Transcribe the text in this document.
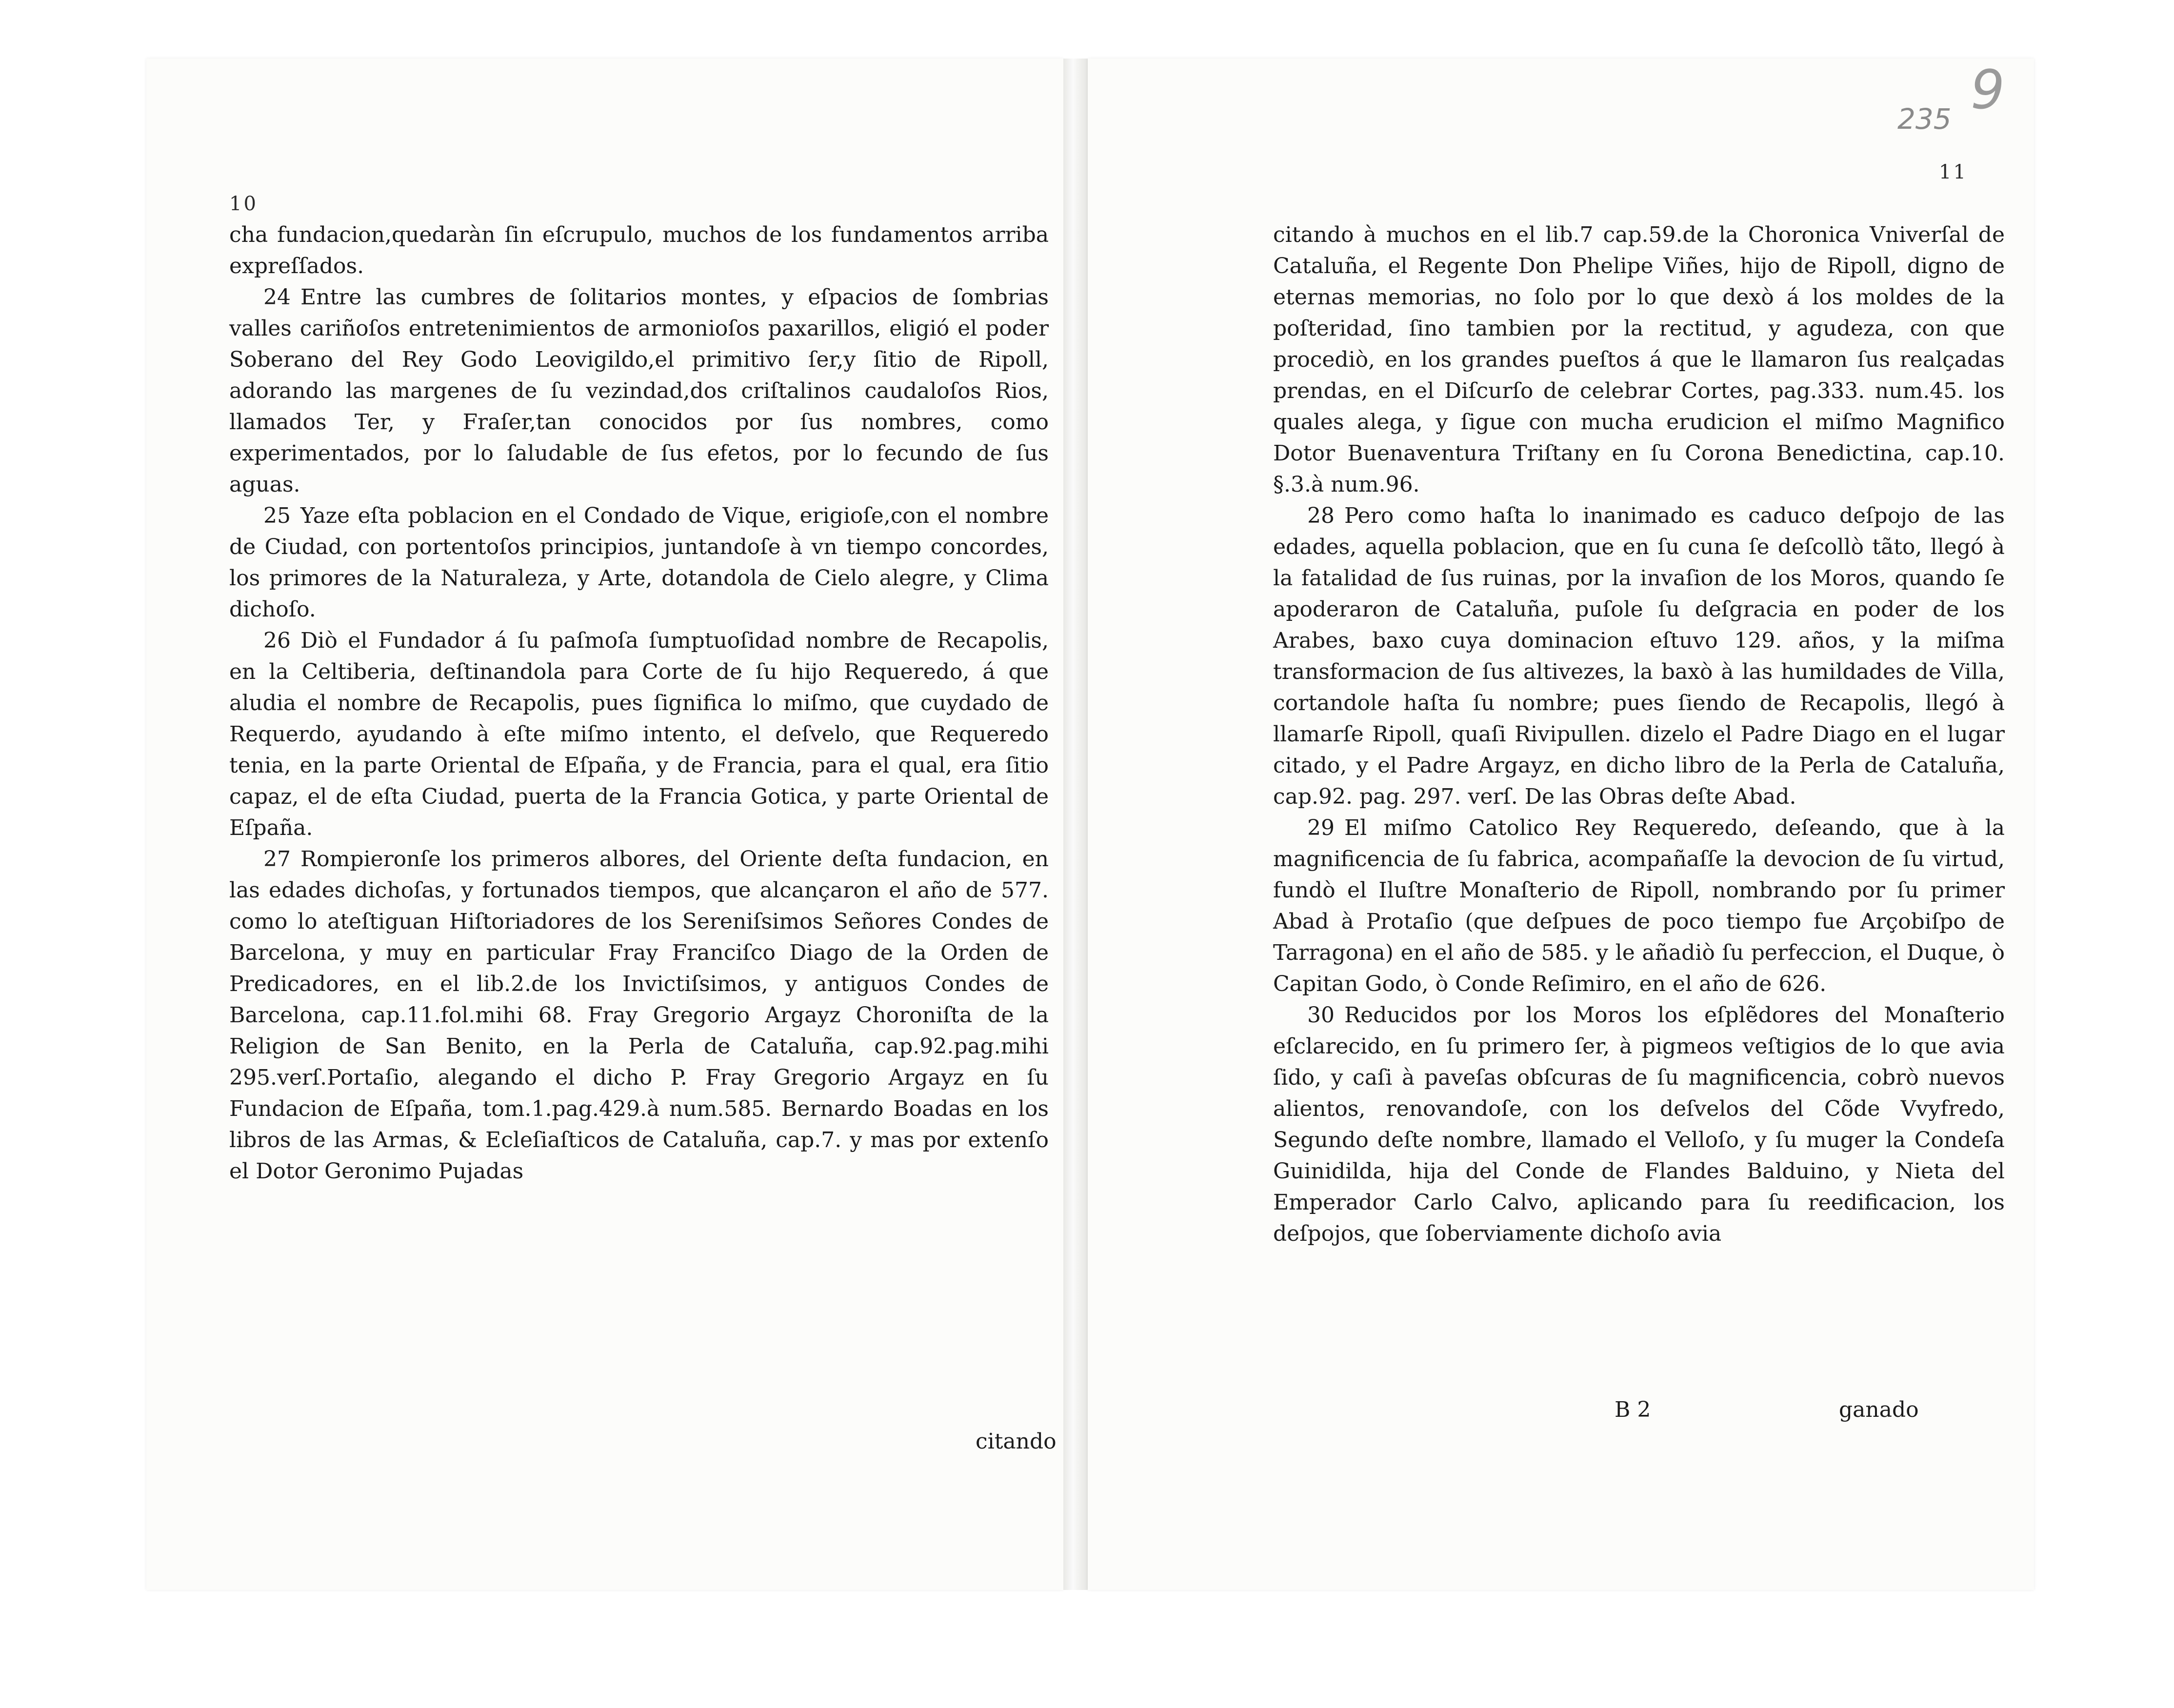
10

cha fundacion,quedaràn ſin eſcrupulo, muchos de los fundamentos arriba expreſſados.

24 Entre las cumbres de ſolitarios montes, y eſpacios de ſombrias valles cariñoſos entretenimientos de armonioſos paxarillos, eligió el poder Soberano del Rey Godo Leovigildo,el primitivo ſer,y ſitio de Ripoll, adorando las margenes de ſu vezindad,dos criſtalinos caudaloſos Rios, llamados Ter, y Fraſer,tan conocidos por ſus nombres, como experimentados, por lo ſaludable de ſus efetos, por lo fecundo de ſus aguas.

25 Yaze eſta poblacion en el Condado de Vique, erigioſe,con el nombre de Ciudad, con portentoſos principios, juntandoſe à vn tiempo concordes, los primores de la Naturaleza, y Arte, dotandola de Cielo alegre, y Clima dichoſo.

26 Diò el Fundador á ſu paſmoſa ſumptuoſidad nombre de Recapolis, en la Celtiberia, deſtinandola para Corte de ſu hijo Requeredo, á que aludia el nombre de Recapolis, pues ſignifica lo miſmo, que cuydado de Requerdo, ayudando à eſte miſmo intento, el deſvelo, que Requeredo tenia, en la parte Oriental de Eſpaña, y de Francia, para el qual, era ſitio capaz, el de eſta Ciudad, puerta de la Francia Gotica, y parte Oriental de Eſpaña.

27 Rompieronſe los primeros albores, del Oriente deſta fundacion, en las edades dichoſas, y fortunados tiempos, que alcançaron el año de 577. como lo ateſtiguan Hiſtoriadores de los Sereniſsimos Señores Condes de Barcelona, y muy en particular Fray Franciſco Diago de la Orden de Predicadores, en el lib.2.de los Invictiſsimos, y antiguos Condes de Barcelona, cap.11.fol.mihi 68. Fray Gregorio Argayz Choroniſta de la Religion de San Benito, en la Perla de Cataluña, cap.92.pag.mihi 295.verſ.Portaſio, alegando el dicho P. Fray Gregorio Argayz en ſu Fundacion de Eſpaña, tom.1.pag.429.à num.585. Bernardo Boadas en los libros de las Armas, & Ecleſiaſticos de Cataluña, cap.7. y mas por extenſo el Dotor Geronimo Pujadas

citando
9
235
11

citando à muchos en el lib.7 cap.59.de la Choronica Vniverſal de Cataluña, el Regente Don Phelipe Viñes, hijo de Ripoll, digno de eternas memorias, no ſolo por lo que dexò á los moldes de la poſteridad, ſino tambien por la rectitud, y agudeza, con que procediò, en los grandes pueſtos á que le llamaron ſus realçadas prendas, en el Diſcurſo de celebrar Cortes, pag.333. num.45. los quales alega, y ſigue con mucha erudicion el miſmo Magnifico Dotor Buenaventura Triſtany en ſu Corona Benedictina, cap.10. §.3.à num.96.

28 Pero como haſta lo inanimado es caduco deſpojo de las edades, aquella poblacion, que en ſu cuna ſe deſcollò tãto, llegó à la fatalidad de ſus ruinas, por la invaſion de los Moros, quando ſe apoderaron de Cataluña, puſole ſu deſgracia en poder de los Arabes, baxo cuya dominacion eſtuvo 129. años, y la miſma transformacion de ſus altivezes, la baxò à las humildades de Villa, cortandole haſta ſu nombre; pues ſiendo de Recapolis, llegó à llamarſe Ripoll, quaſi Rivipullen. dizelo el Padre Diago en el lugar citado, y el Padre Argayz, en dicho libro de la Perla de Cataluña, cap.92. pag. 297. verſ. De las Obras deſte Abad.

29 El miſmo Catolico Rey Requeredo, deſeando, que à la magnificencia de ſu fabrica, acompañaſſe la devocion de ſu virtud, fundò el Iluſtre Monaſterio de Ripoll, nombrando por ſu primer Abad à Protaſio (que deſpues de poco tiempo fue Arçobiſpo de Tarragona) en el año de 585. y le añadiò ſu perfeccion, el Duque, ò Capitan Godo, ò Conde Reſimiro, en el año de 626.

30 Reducidos por los Moros los eſplẽdores del Monaſterio eſclarecido, en ſu primero ſer, à pigmeos veſtigios de lo que avia ſido, y caſi à paveſas obſcuras de ſu magnificencia, cobrò nuevos alientos, renovandoſe, con los deſvelos del Cõde Vvyfredo, Segundo deſte nombre, llamado el Velloſo, y ſu muger la Condeſa Guinidilda, hija del Conde de Flandes Balduino, y Nieta del Emperador Carlo Calvo, aplicando para ſu reedificacion, los deſpojos, que ſoberviamente dichoſo avia

B 2	ganado
